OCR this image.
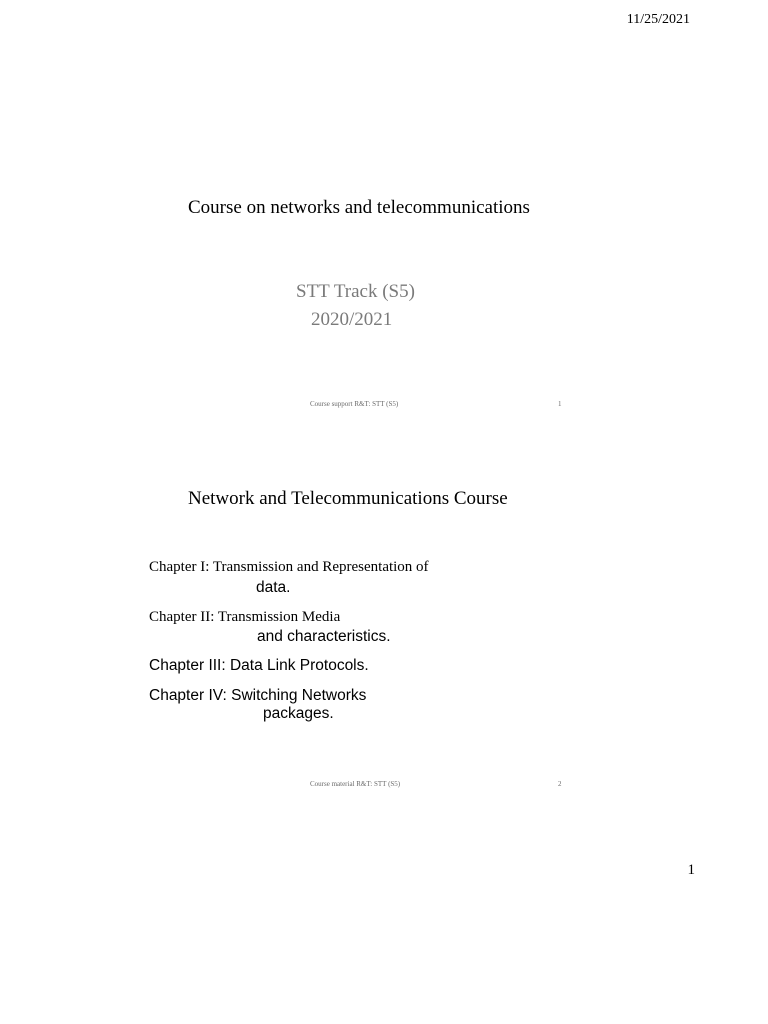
11/25/2021
Course on networks and telecommunications
STT Track (S5)
2020/2021
Course support R&T: STT (S5)	1
Network and Telecommunications Course
Chapter I: Transmission and Representation of
data.
Chapter II: Transmission Media
and characteristics.
Chapter III: Data Link Protocols.
Chapter IV: Switching Networks
packages.
Course material R&T: STT (S5)	2
1
